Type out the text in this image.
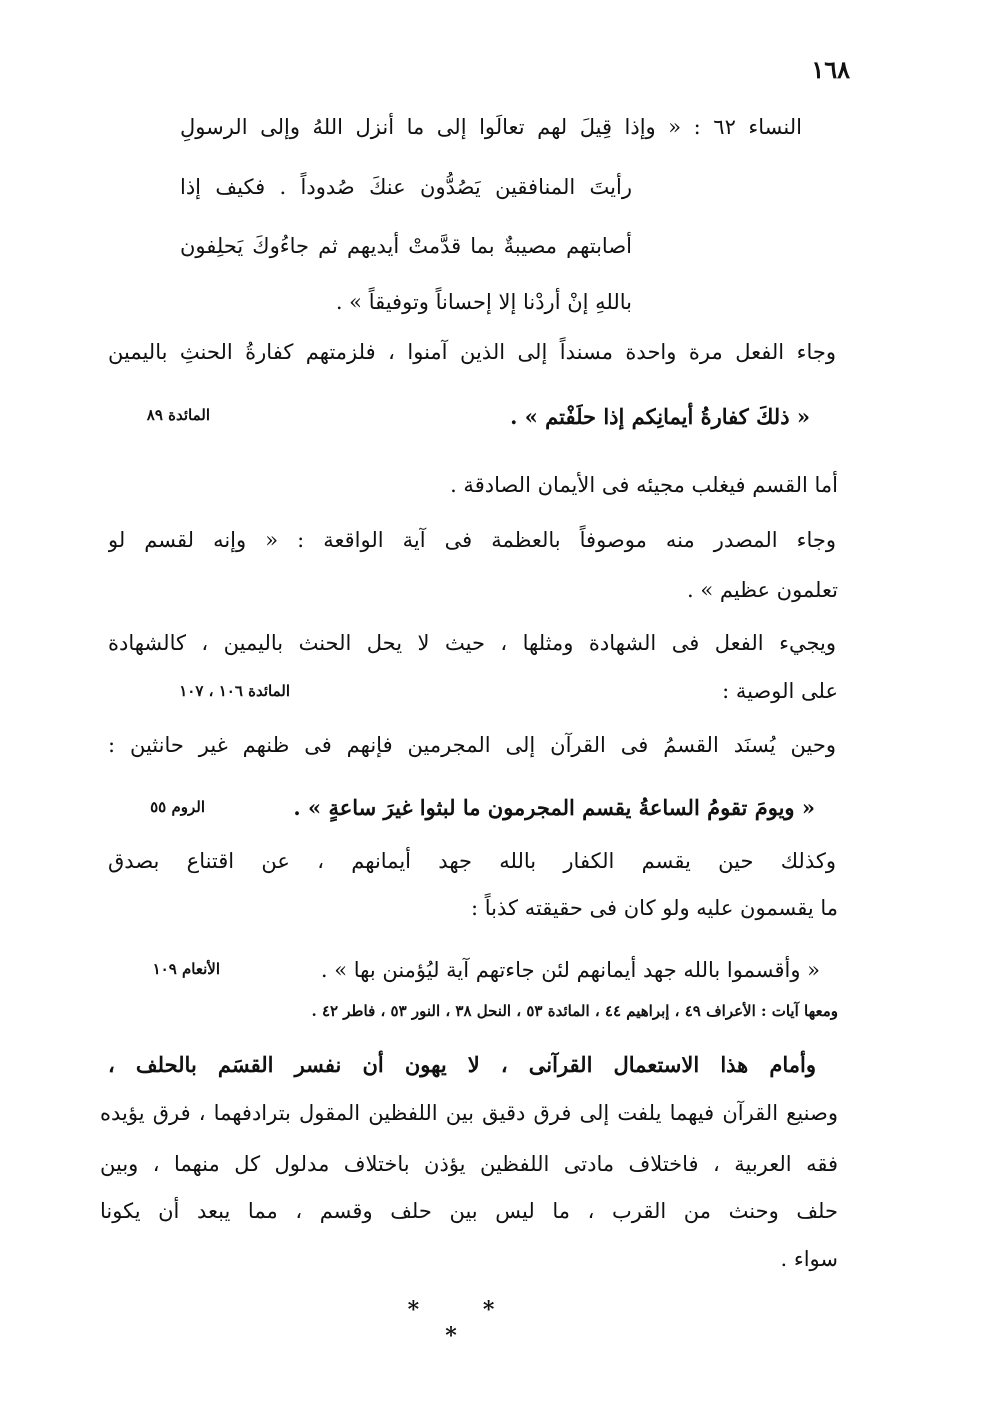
١٦٨
النساء ٦٢ : « وإذا قِيلَ لهم تعالَوا إلى ما أنزل اللهُ وإلى الرسولِ
رأيتَ المنافقين يَصُدُّون عنكَ صُدوداً . فكيف إذا
أصابتهم مصيبةٌ بما قدَّمتْ أيديهم ثم جاءُوكَ يَحلِفون
باللهِ إنْ أردْنا إلا إحساناً وتوفيقاً » .
وجاء الفعل مرة واحدة مسنداً إلى الذين آمنوا ، فلزمتهم كفارةُ الحنثِ باليمين
« ذلكَ كفارةُ أيمانِكم إذا حلَفْتم » .
المائدة ٨٩
أما القسم فيغلب مجيئه فى الأيمان الصادقة .
وجاء المصدر منه موصوفاً بالعظمة فى آية الواقعة : « وإنه لقسم لو
تعلمون عظيم » .
ويجيء الفعل فى الشهادة ومثلها ، حيث لا يحل الحنث باليمين ، كالشهادة
على الوصية :
المائدة ١٠٦ ، ١٠٧
وحين يُسنَد القسمُ فى القرآن إلى المجرمين فإنهم فى ظنهم غير حانثين :
« ويومَ تقومُ الساعةُ يقسم المجرمون ما لبثوا غيرَ ساعةٍ » .
الروم ٥٥
وكذلك حين يقسم الكفار بالله جهد أيمانهم ، عن اقتناع بصدق
ما يقسمون عليه ولو كان فى حقيقته كذباً :
« وأقسموا بالله جهد أيمانهم لئن جاءتهم آية ليُؤمنن بها » .
الأنعام ١٠٩
ومعها آيات : الأعراف ٤٩ ، إبراهيم ٤٤ ، المائدة ٥٣ ، النحل ٣٨ ، النور ٥٣ ، فاطر ٤٢ .
وأمام هذا الاستعمال القرآنى ، لا يهون أن نفسر القسَم بالحلف ،
وصنيع القرآن فيهما يلفت إلى فرق دقيق بين اللفظين المقول بترادفهما ، فرق يؤيده
فقه العربية ، فاختلاف مادتى اللفظين يؤذن باختلاف مدلول كل منهما ، وبين
حلف وحنث من القرب ، ما ليس بين حلف وقسم ، مما يبعد أن يكونا
سواء .
* * *
